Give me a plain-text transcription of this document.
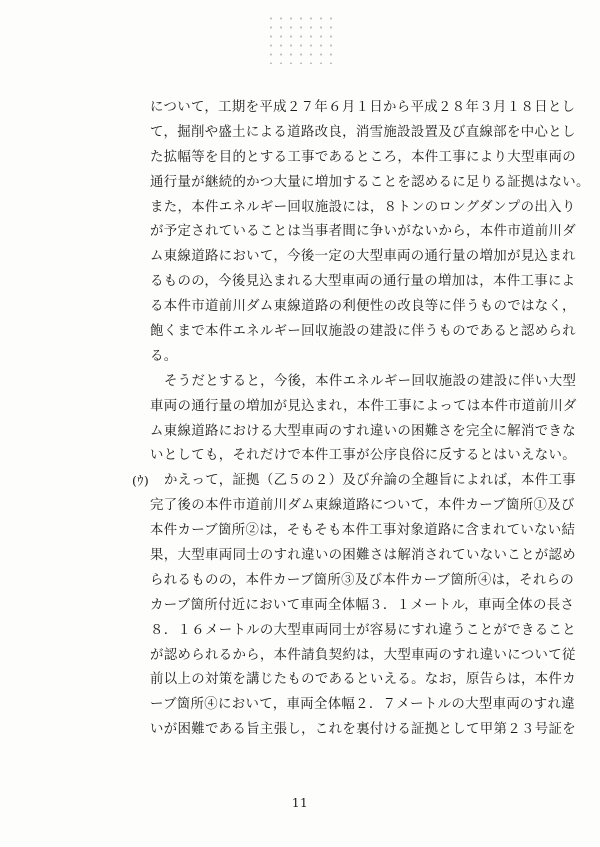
について，工期を平成２７年６月１日から平成２８年３月１８日とし
て，掘削や盛土による道路改良，消雪施設設置及び直線部を中心とし
た拡幅等を目的とする工事であるところ，本件工事により大型車両の
通行量が継続的かつ大量に増加することを認めるに足りる証拠はない。
また，本件エネルギー回収施設には，８トンのロングダンプの出入り
が予定されていることは当事者間に争いがないから，本件市道前川ダ
ム東線道路において，今後一定の大型車両の通行量の増加が見込まれ
るものの，今後見込まれる大型車両の通行量の増加は，本件工事によ
る本件市道前川ダム東線道路の利便性の改良等に伴うものではなく，
飽くまで本件エネルギー回収施設の建設に伴うものであると認められ
る。
そうだとすると，今後，本件エネルギー回収施設の建設に伴い大型
車両の通行量の増加が見込まれ，本件工事によっては本件市道前川ダ
ム東線道路における大型車両のすれ違いの困難さを完全に解消できな
いとしても，それだけで本件工事が公序良俗に反するとはいえない。
(ｳ) かえって，証拠（乙５の２）及び弁論の全趣旨によれば，本件工事
完了後の本件市道前川ダム東線道路について，本件カーブ箇所①及び
本件カーブ箇所②は，そもそも本件工事対象道路に含まれていない結
果，大型車両同士のすれ違いの困難さは解消されていないことが認め
られるものの，本件カーブ箇所③及び本件カーブ箇所④は，それらの
カーブ箇所付近において車両全体幅３．１メートル，車両全体の長さ
８．１６メートルの大型車両同士が容易にすれ違うことができること
が認められるから，本件請負契約は，大型車両のすれ違いについて従
前以上の対策を講じたものであるといえる。なお，原告らは，本件カ
ーブ箇所④において，車両全体幅２．７メートルの大型車両のすれ違
いが困難である旨主張し，これを裏付ける証拠として甲第２３号証を
11
